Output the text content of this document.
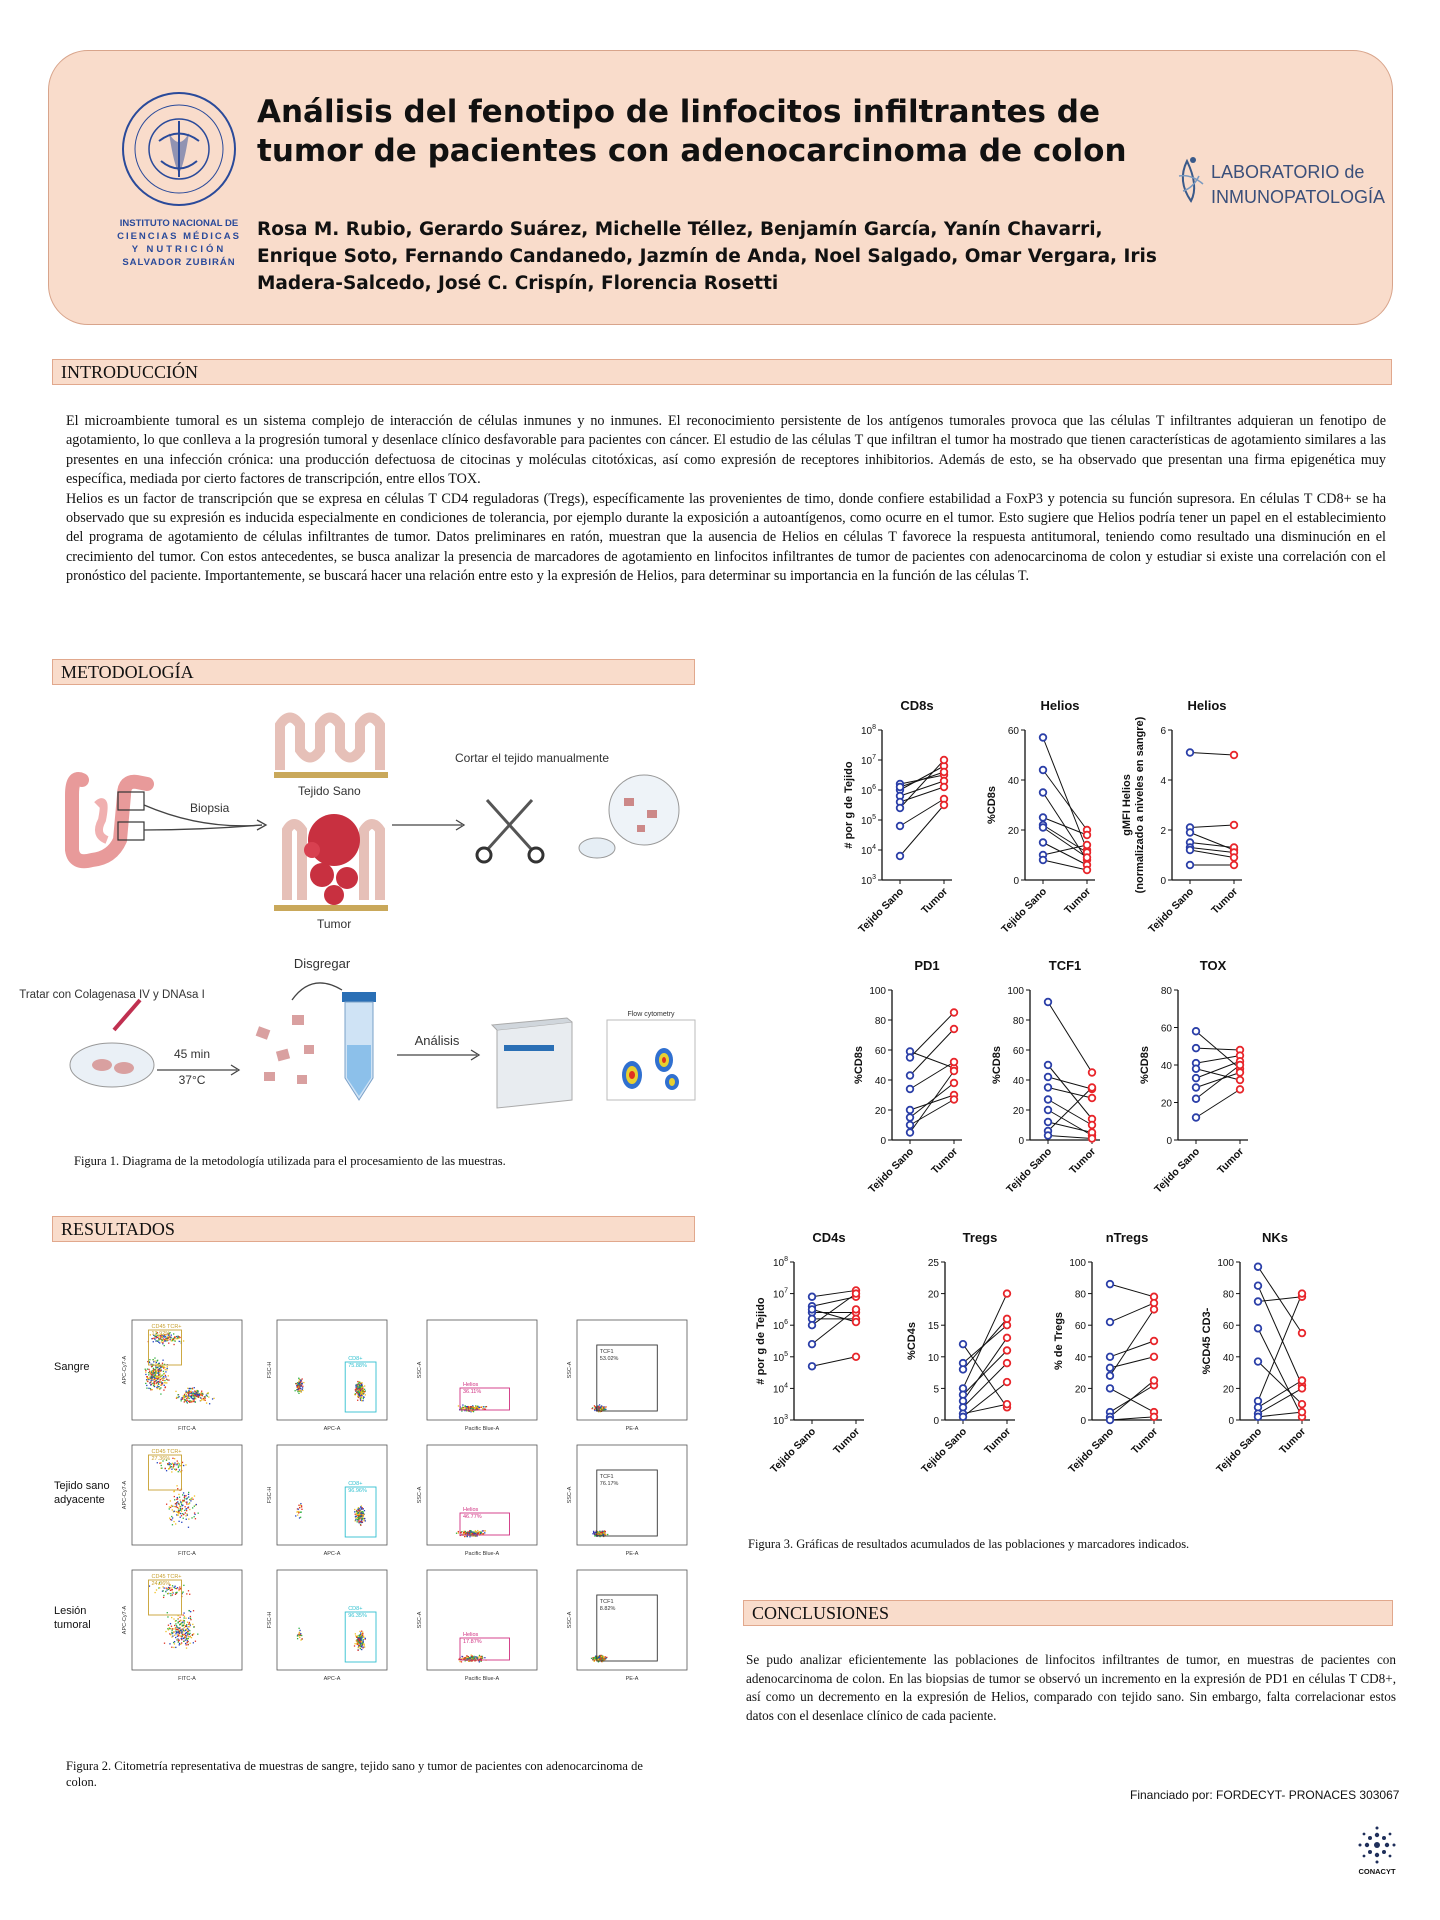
INSTITUTO NACIONAL DE
CIENCIAS MÉDICAS
Y NUTRICIÓN
SALVADOR ZUBIRÁN
Análisis del fenotipo de linfocitos infiltrantes de tumor de pacientes con adenocarcinoma de colon
Rosa M. Rubio, Gerardo Suárez, Michelle Téllez, Benjamín García, Yanín Chavarri, Enrique Soto, Fernando Candanedo, Jazmín de Anda, Noel Salgado, Omar Vergara, Iris Madera-Salcedo, José C. Crispín, Florencia Rosetti
LABORATORIO de
INMUNOPATOLOGÍA
INTRODUCCIÓN

El microambiente tumoral es un sistema complejo de interacción de células inmunes y no inmunes. El reconocimiento persistente de los antígenos tumorales provoca que las células T infiltrantes adquieran un fenotipo de agotamiento, lo que conlleva a la progresión tumoral y desenlace clínico desfavorable para pacientes con cáncer. El estudio de las células T que infiltran el tumor ha mostrado que tienen características de agotamiento similares a las presentes en una infección crónica: una producción defectuosa de citocinas y moléculas citotóxicas, así como expresión de receptores inhibitorios. Además de esto, se ha observado que presentan una firma epigenética muy específica, mediada por cierto factores de transcripción, entre ellos TOX.

Helios es un factor de transcripción que se expresa en células T CD4 reguladoras (Tregs), específicamente las provenientes de timo, donde confiere estabilidad a FoxP3 y potencia su función supresora. En células T CD8+ se ha observado que su expresión es inducida especialmente en condiciones de tolerancia, por ejemplo durante la exposición a autoantígenos, como ocurre en el tumor. Esto sugiere que Helios podría tener un papel en el establecimiento del programa de agotamiento de células infiltrantes de tumor. Datos preliminares en ratón, muestran que la ausencia de Helios en células T favorece la respuesta antitumoral, teniendo como resultado una disminución en el crecimiento del tumor. Con estos antecedentes, se busca analizar la presencia de marcadores de agotamiento en linfocitos infiltrantes de tumor de pacientes con adenocarcinoma de colon y estudiar si existe una correlación con el pronóstico del paciente. Importantemente, se buscará hacer una relación entre esto y la expresión de Helios, para determinar su importancia en la función de las células T.

METODOLOGÍA
Biopsia
Tejido Sano
Tumor
Cortar el tejido manualmente
Tratar con Colagenasa IV y DNAsa I
45 min
37°C
Disgregar
Análisis
Flow cytometry
Figura 1. Diagrama de la metodología utilizada para el procesamiento de las muestras.
RESULTADOS
Sangre
FITC-A
APC-Cy7-A
CD45 TCR+
13.92%
APC-A
FSC-H
CD8+
75.88%
Pacific Blue-A
SSC-A
Helios
36.11%
PE-A
SSC-A
TCF1
53.02%
Tejido sano adyacente
FITC-A
APC-Cy7-A
CD45 TCR+
27.36%
APC-A
FSC-H
CD8+
96.96%
Pacific Blue-A
SSC-A
Helios
46.77%
PE-A
SSC-A
TCF1
76.17%
Lesión tumoral
FITC-A
APC-Cy7-A
CD45 TCR+
24.06%
APC-A
FSC-H
CD8+
96.35%
Pacific Blue-A
SSC-A
Helios
17.87%
PE-A
SSC-A
TCF1
8.82%
Figura 2. Citometría representativa de muestras de sangre, tejido sano y tumor de pacientes con adenocarcinoma de colon.
CD8s
$10^3$
$10^4$
$10^5$
$10^6$
$10^7$
$10^8$
# por g de Tejido
Tejido Sano Tumor
Helios
0
20
40
60
%CD8s
Tejido Sano Tumor
Helios
0
2
4
6
gMFI Helios(normalizado a niveles en sangre)
Tejido Sano Tumor
PD1
0
20
40
60
80
100
%CD8s
Tejido Sano Tumor
TCF1
0
20
40
60
80
100
%CD8s
Tejido Sano Tumor
TOX
0
20
40
60
80
%CD8s
Tejido Sano Tumor
CD4s
$10^3$
$10^4$
$10^5$
$10^6$
$10^7$
$10^8$
# por g de Tejido
Tejido Sano Tumor
Tregs
0
5
10
15
20
25
%CD4s
Tejido Sano Tumor
nTregs
0
20
40
60
80
100
% de Tregs
Tejido Sano Tumor
NKs
0
20
40
60
80
100
%CD45 CD3-
Tejido Sano Tumor
Figura 3. Gráficas de resultados acumulados de las poblaciones y marcadores indicados.
CONCLUSIONES
Se pudo analizar eficientemente las poblaciones de linfocitos infiltrantes de tumor, en muestras de pacientes con adenocarcinoma de colon. En las biopsias de tumor se observó un incremento en la expresión de PD1 en células T CD8+, así como un decremento en la expresión de Helios, comparado con tejido sano. Sin embargo, falta correlacionar estos datos con el desenlace clínico de cada paciente.
Financiado por: FORDECYT- PRONACES 303067
CONACYT
